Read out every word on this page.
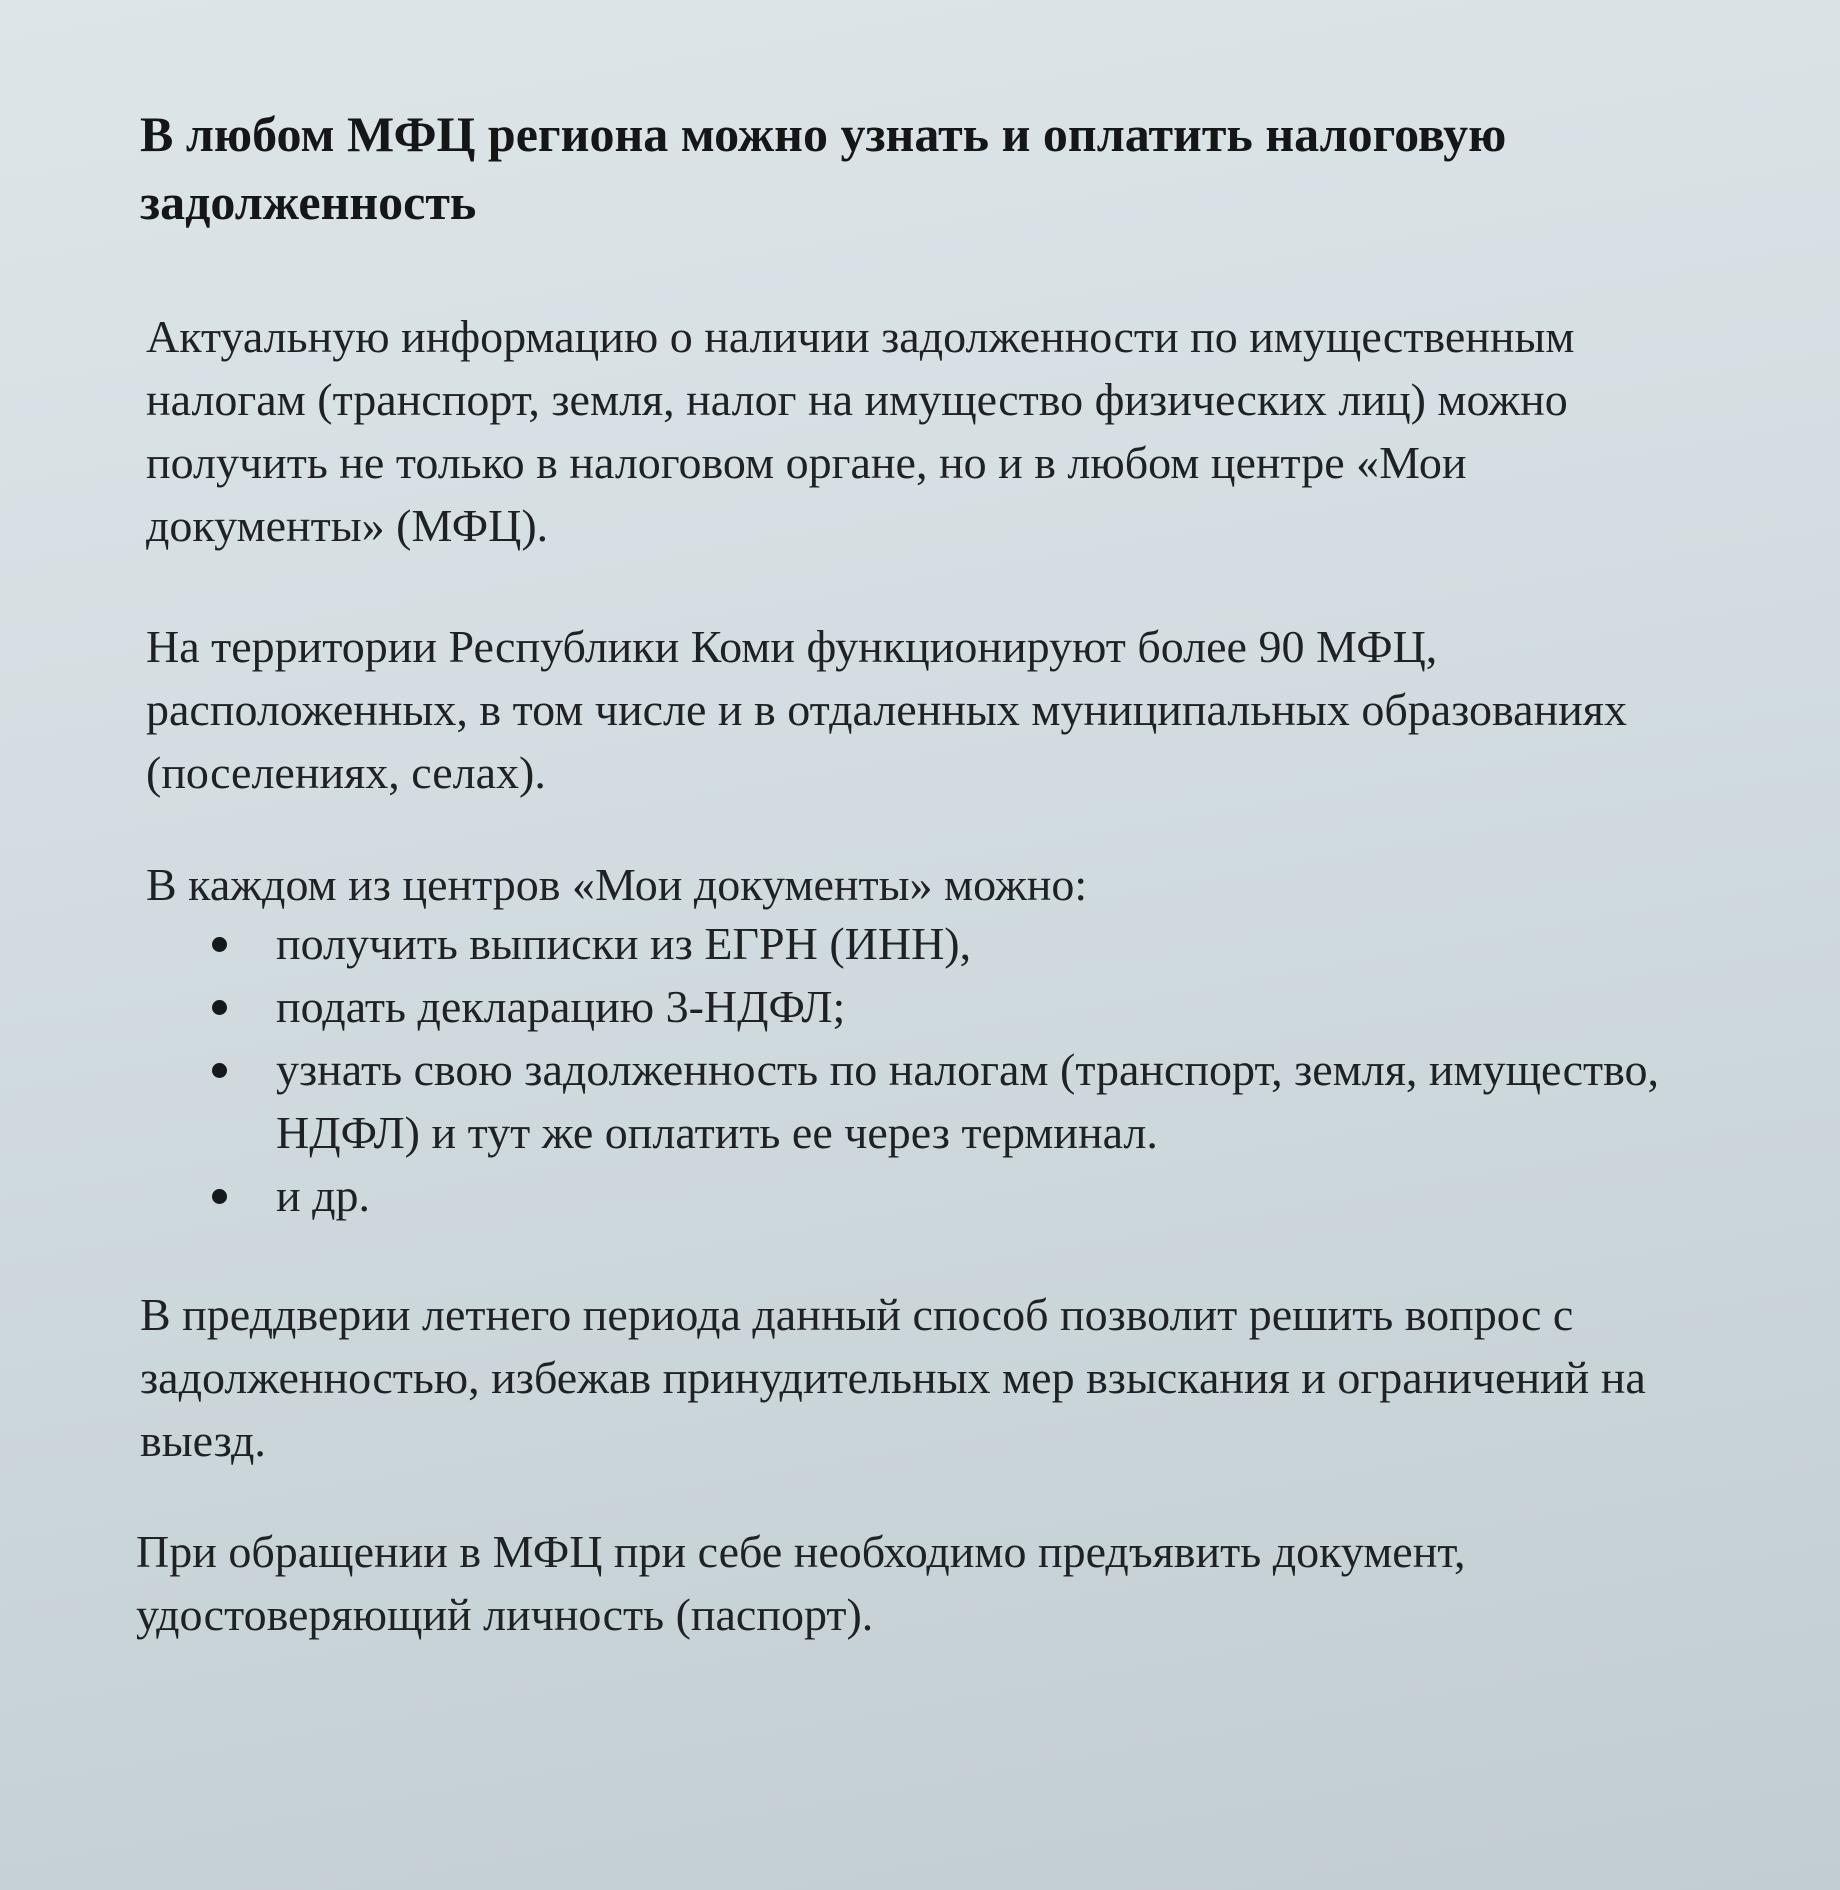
В любом МФЦ региона можно узнать и оплатить налоговую задолженность

Актуальную информацию о наличии задолженности по имущественным
налогам (транспорт, земля, налог на имущество физических лиц) можно
получить не только в налоговом органе, но и в любом центре «Мои
документы» (МФЦ).

На территории Республики Коми функционируют более 90 МФЦ,
расположенных, в том числе и в отдаленных муниципальных образованиях
(поселениях, селах).

В каждом из центров «Мои документы» можно:

получить выписки из ЕГРН (ИНН),
подать декларацию 3-НДФЛ;
узнать свою задолженность по налогам (транспорт, земля, имущество,
НДФЛ) и тут же оплатить ее через терминал.
и др.

В преддверии летнего периода данный способ позволит решить вопрос с
задолженностью, избежав принудительных мер взыскания и ограничений на
выезд.

При обращении в МФЦ при себе необходимо предъявить документ,
удостоверяющий личность (паспорт).
